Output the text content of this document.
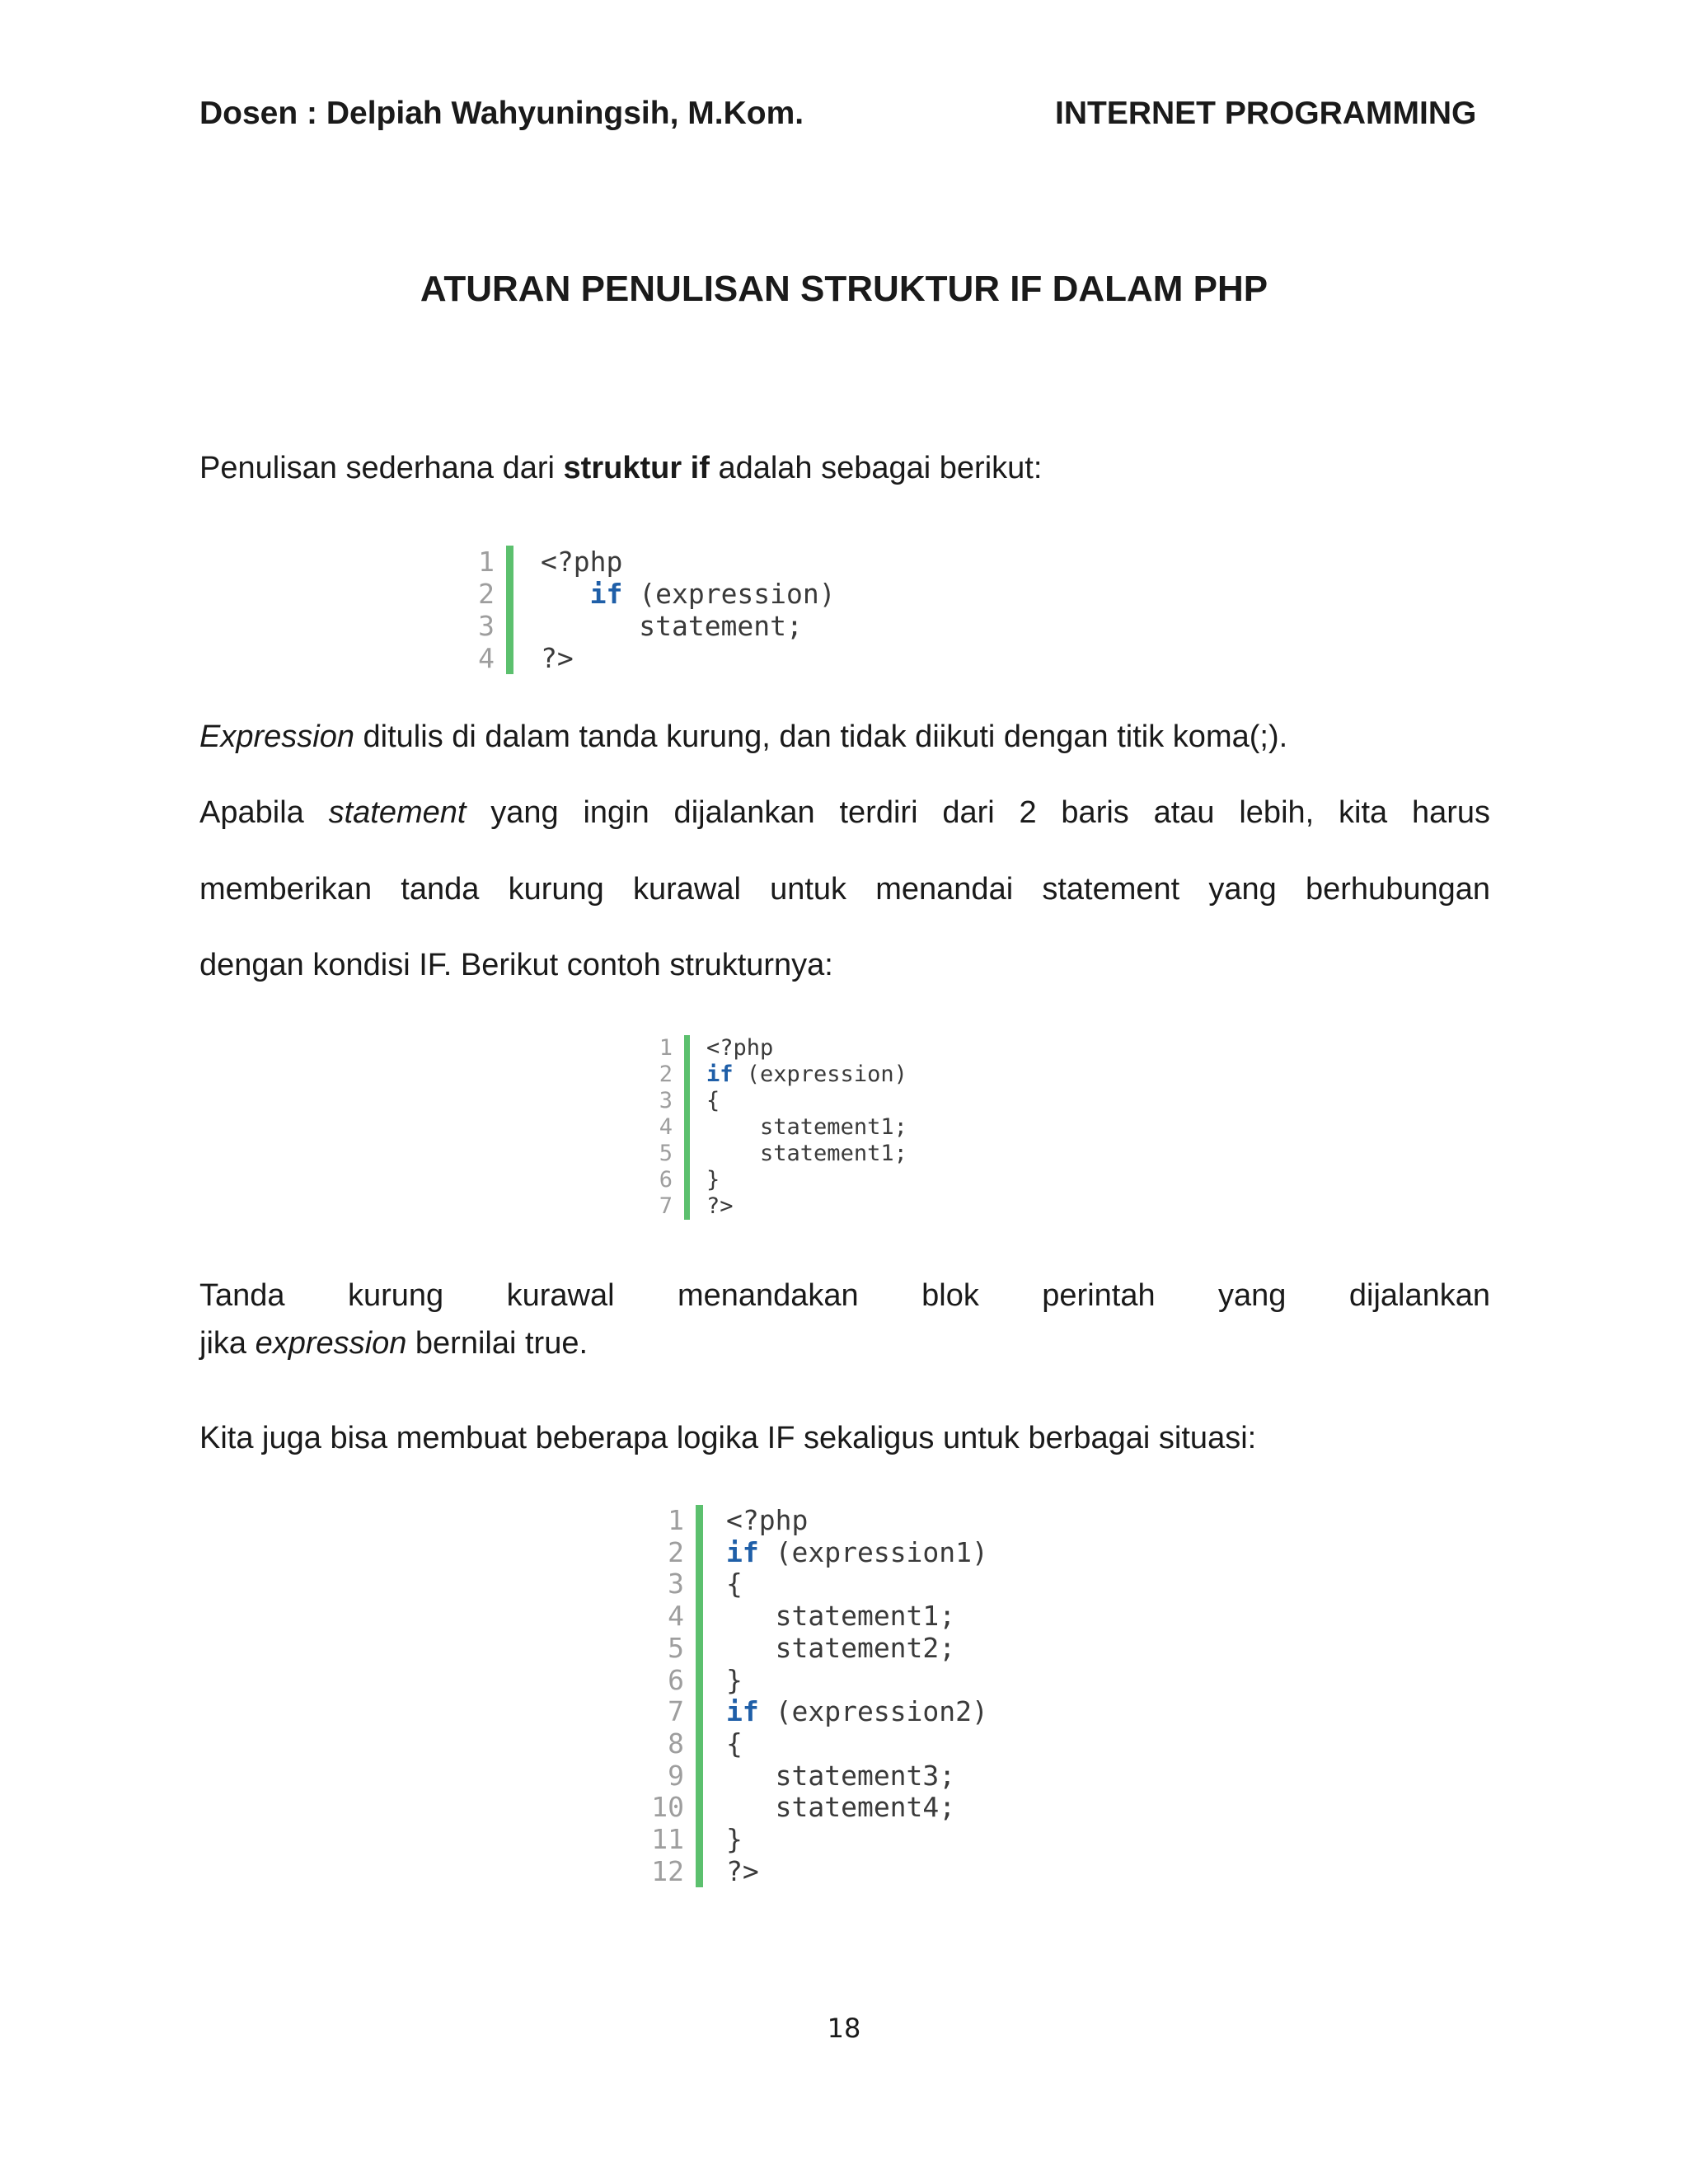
Dosen : Delpiah Wahyuningsih, M.Kom.	INTERNET PROGRAMMING
ATURAN PENULISAN STRUKTUR IF DALAM PHP
Penulisan sederhana dari struktur if adalah sebagai berikut:
1
2
3
4
<?php
if (expression)
statement;
?>
Expression ditulis di dalam tanda kurung, dan tidak diikuti dengan titik koma(;).
Apabila statement yang ingin dijalankan terdiri dari 2 baris atau lebih, kita harus
memberikan tanda kurung kurawal untuk menandai statement yang berhubungan
dengan kondisi IF. Berikut contoh strukturnya:
1
2
3
4
5
6
7
<?php
if (expression)
{
statement1;
statement1;
}
?>
Tanda kurung kurawal menandakan blok perintah yang dijalankan
jika expression bernilai true.
Kita juga bisa membuat beberapa logika IF sekaligus untuk berbagai situasi:
1
2
3
4
5
6
7
8
9
10
11
12
<?php
if (expression1)
{
statement1;
statement2;
}
if (expression2)
{
statement3;
statement4;
}
?>
18
